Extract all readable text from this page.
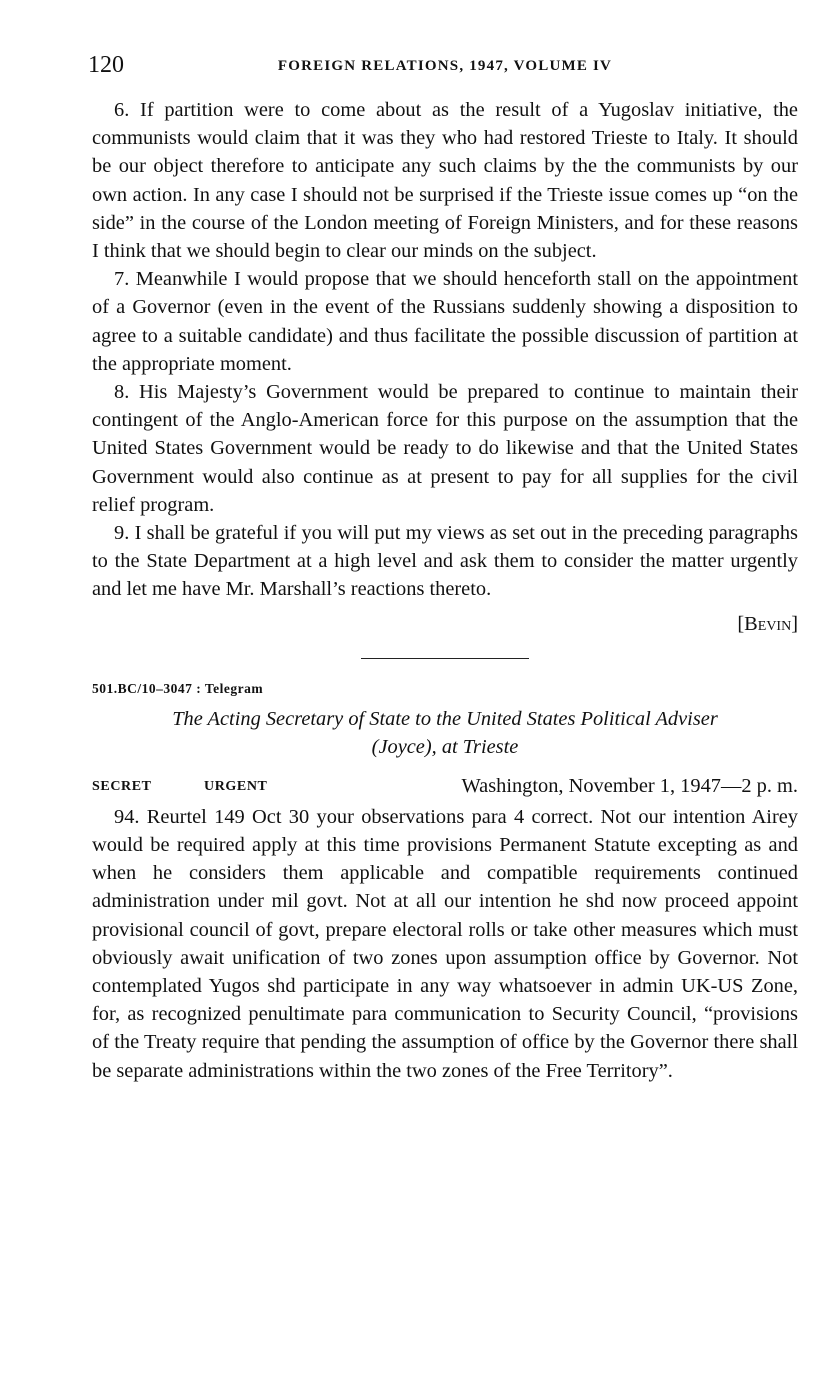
120	FOREIGN RELATIONS, 1947, VOLUME IV

6. If partition were to come about as the result of a Yugoslav initiative, the communists would claim that it was they who had restored Trieste to Italy. It should be our object therefore to anticipate any such claims by the the communists by our own action. In any case I should not be surprised if the Trieste issue comes up “on the side” in the course of the London meeting of Foreign Ministers, and for these reasons I think that we should begin to clear our minds on the subject.

7. Meanwhile I would propose that we should henceforth stall on the appointment of a Governor (even in the event of the Russians suddenly showing a disposition to agree to a suitable candidate) and thus facilitate the possible discussion of partition at the appropriate moment.

8. His Majesty’s Government would be prepared to continue to maintain their contingent of the Anglo-American force for this purpose on the assumption that the United States Government would be ready to do likewise and that the United States Government would also continue as at present to pay for all supplies for the civil relief program.

9. I shall be grateful if you will put my views as set out in the preceding paragraphs to the State Department at a high level and ask them to consider the matter urgently and let me have Mr. Marshall’s reactions thereto.

[Bevin]
501.BC/10–3047 : Telegram
The Acting Secretary of State to the United States Political Adviser
(Joyce), at Trieste
SECRET	URGENT	Washington, November 1, 1947—2 p. m.

94. Reurtel 149 Oct 30 your observations para 4 correct. Not our intention Airey would be required apply at this time provisions Permanent Statute excepting as and when he considers them applicable and compatible requirements continued administration under mil govt. Not at all our intention he shd now proceed appoint provisional council of govt, prepare electoral rolls or take other measures which must obviously await unification of two zones upon assumption office by Governor. Not contemplated Yugos shd participate in any way whatsoever in admin UK-US Zone, for, as recognized penultimate para communication to Security Council, “provisions of the Treaty require that pending the assumption of office by the Governor there shall be separate administrations within the two zones of the Free Territory”.
